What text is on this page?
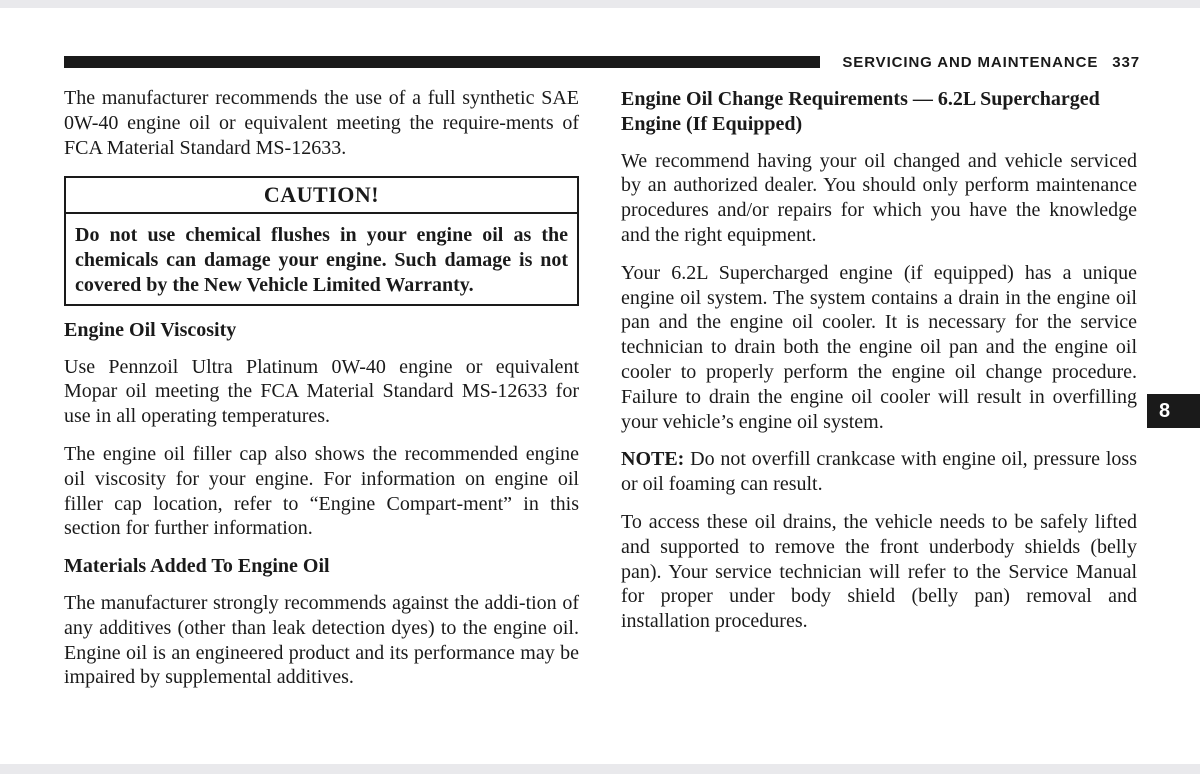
SERVICING AND MAINTENANCE 337

The manufacturer recommends the use of a full synthetic SAE 0W-40 engine oil or equivalent meeting the require-ments of FCA Material Standard MS-12633.

CAUTION!

Do not use chemical flushes in your engine oil as the chemicals can damage your engine. Such damage is not covered by the New Vehicle Limited Warranty.

Engine Oil Viscosity

Use Pennzoil Ultra Platinum 0W-40 engine or equivalent Mopar oil meeting the FCA Material Standard MS-12633 for use in all operating temperatures.

The engine oil filler cap also shows the recommended engine oil viscosity for your engine. For information on engine oil filler cap location, refer to “Engine Compart-ment” in this section for further information.

Materials Added To Engine Oil

The manufacturer strongly recommends against the addi-tion of any additives (other than leak detection dyes) to the engine oil. Engine oil is an engineered product and its performance may be impaired by supplemental additives.

Engine Oil Change Requirements — 6.2L Supercharged Engine (If Equipped)

We recommend having your oil changed and vehicle serviced by an authorized dealer. You should only perform maintenance procedures and/or repairs for which you have the knowledge and the right equipment.

Your 6.2L Supercharged engine (if equipped) has a unique engine oil system. The system contains a drain in the engine oil pan and the engine oil cooler. It is necessary for the service technician to drain both the engine oil pan and the engine oil cooler to properly perform the engine oil change procedure. Failure to drain the engine oil cooler will result in overfilling your vehicle’s engine oil system.

NOTE: Do not overfill crankcase with engine oil, pressure loss or oil foaming can result.

To access these oil drains, the vehicle needs to be safely lifted and supported to remove the front underbody shields (belly pan). Your service technician will refer to the Service Manual for proper under body shield (belly pan) removal and installation procedures.

8
